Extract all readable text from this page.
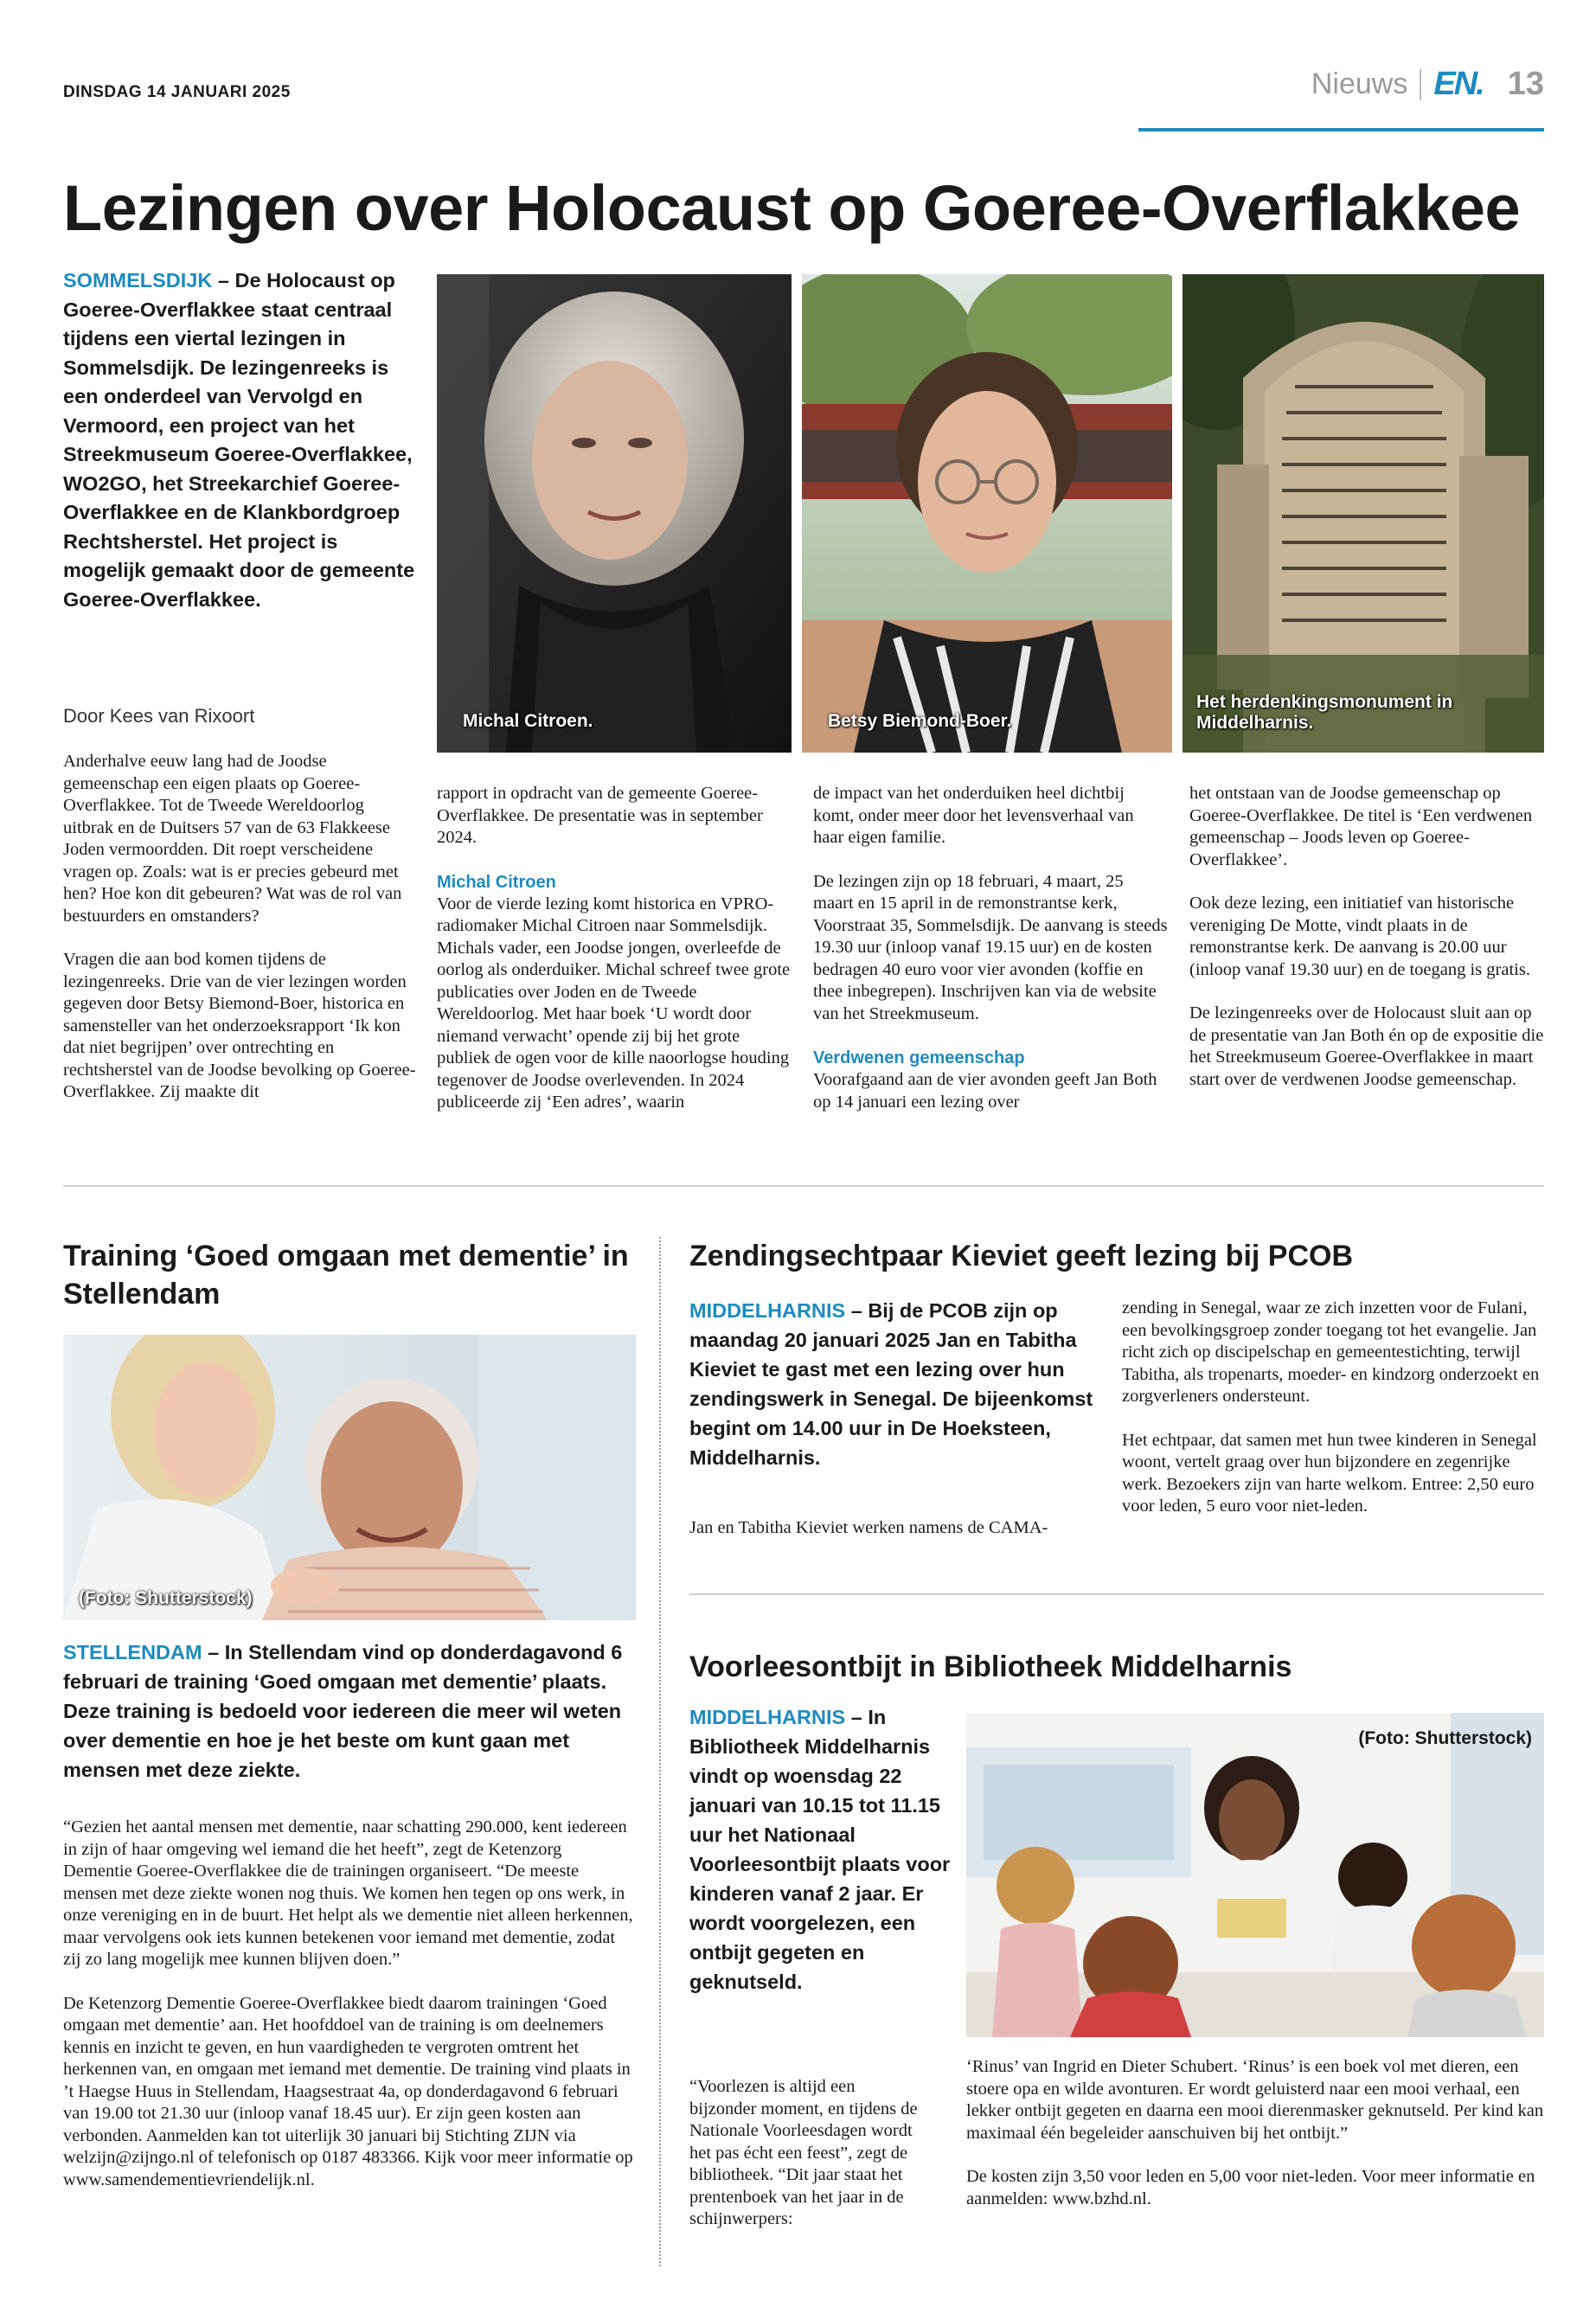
DINSDAG 14 JANUARI 2025	Nieuws EN. 13
Lezingen over Holocaust op Goeree-Overflakkee
SOMMELSDIJK – De Holocaust op Goeree-Overflakkee staat centraal tijdens een viertal lezingen in Sommelsdijk. De lezingenreeks is een onderdeel van Vervolgd en Vermoord, een project van het Streekmuseum Goeree-Overflakkee, WO2GO, het Streekarchief Goeree-Overflakkee en de Klankbordgroep Rechtsherstel. Het project is mogelijk gemaakt door de gemeente Goeree-Overflakkee.
Door Kees van Rixoort	Michal Citroen.	Betsy Biemond-Boer.
Het herdenkingsmonument in Middelharnis.

Anderhalve eeuw lang had de Joodse gemeenschap een eigen plaats op Goeree-Overflakkee. Tot de Tweede Wereldoorlog uitbrak en de Duitsers 57 van de 63 Flakkeese Joden vermoordden. Dit roept verscheidene vragen op. Zoals: wat is er precies gebeurd met hen? Hoe kon dit gebeuren? Wat was de rol van bestuurders en omstanders?

Vragen die aan bod komen tijdens de lezingenreeks. Drie van de vier lezingen worden gegeven door Betsy Biemond-Boer, historica en samensteller van het onderzoeksrapport ‘Ik kon dat niet begrijpen’ over ontrechting en rechtsherstel van de Joodse bevolking op Goeree-Overflakkee. Zij maakte dit

rapport in opdracht van de gemeente Goeree-Overflakkee. De presentatie was in september 2024.

Michal Citroen

Voor de vierde lezing komt historica en VPRO-radiomaker Michal Citroen naar Sommelsdijk. Michals vader, een Joodse jongen, overleefde de oorlog als onderduiker. Michal schreef twee grote publicaties over Joden en de Tweede Wereldoorlog. Met haar boek ‘U wordt door niemand verwacht’ opende zij bij het grote publiek de ogen voor de kille naoorlogse houding tegenover de Joodse overlevenden. In 2024 publiceerde zij ‘Een adres’, waarin

de impact van het onderduiken heel dichtbij komt, onder meer door het levensverhaal van haar eigen familie.

De lezingen zijn op 18 februari, 4 maart, 25 maart en 15 april in de remonstrantse kerk, Voorstraat 35, Sommelsdijk. De aanvang is steeds 19.30 uur (inloop vanaf 19.15 uur) en de kosten bedragen 40 euro voor vier avonden (koffie en thee inbegrepen). Inschrijven kan via de website van het Streekmuseum.

Verdwenen gemeenschap

Voorafgaand aan de vier avonden geeft Jan Both op 14 januari een lezing over

het ontstaan van de Joodse gemeenschap op Goeree-Overflakkee. De titel is ‘Een verdwenen gemeenschap – Joods leven op Goeree-Overflakkee’.

Ook deze lezing, een initiatief van historische vereniging De Motte, vindt plaats in de remonstrantse kerk. De aanvang is 20.00 uur (inloop vanaf 19.30 uur) en de toegang is gratis.

De lezingenreeks over de Holocaust sluit aan op de presentatie van Jan Both én op de expositie die het Streekmuseum Goeree-Overflakkee in maart start over de verdwenen Joodse gemeenschap.

Training ‘Goed omgaan met dementie’ in Stellendam
(Foto: Shutterstock)
STELLENDAM – In Stellendam vind op donderdagavond 6 februari de training ‘Goed omgaan met dementie’ plaats. Deze training is bedoeld voor iedereen die meer wil weten over dementie en hoe je het beste om kunt gaan met mensen met deze ziekte.

“Gezien het aantal mensen met dementie, naar schatting 290.000, kent iedereen in zijn of haar omgeving wel iemand die het heeft”, zegt de Ketenzorg Dementie Goeree-Overflakkee die de trainingen organiseert. “De meeste mensen met deze ziekte wonen nog thuis. We komen hen tegen op ons werk, in onze vereniging en in de buurt. Het helpt als we dementie niet alleen herkennen, maar vervolgens ook iets kunnen betekenen voor iemand met dementie, zodat zij zo lang mogelijk mee kunnen blijven doen.”

De Ketenzorg Dementie Goeree-Overflakkee biedt daarom trainingen ‘Goed omgaan met dementie’ aan. Het hoofddoel van de training is om deelnemers kennis en inzicht te geven, en hun vaardigheden te vergroten omtrent het herkennen van, en omgaan met iemand met dementie. De training vind plaats in ’t Haegse Huus in Stellendam, Haagsestraat 4a, op donderdagavond 6 februari van 19.00 tot 21.30 uur (inloop vanaf 18.45 uur). Er zijn geen kosten aan verbonden. Aanmelden kan tot uiterlijk 30 januari bij Stichting ZIJN via welzijn@zijngo.nl of telefonisch op 0187 483366. Kijk voor meer informatie op www.samendementievriendelijk.nl.

Zendingsechtpaar Kieviet geeft lezing bij PCOB
MIDDELHARNIS – Bij de PCOB zijn op maandag 20 januari 2025 Jan en Tabitha Kieviet te gast met een lezing over hun zendingswerk in Senegal. De bijeenkomst begint om 14.00 uur in De Hoeksteen, Middelharnis.

Jan en Tabitha Kieviet werken namens de CAMA-

zending in Senegal, waar ze zich inzetten voor de Fulani, een bevolkingsgroep zonder toegang tot het evangelie. Jan richt zich op discipelschap en gemeentestichting, terwijl Tabitha, als tropenarts, moeder- en kindzorg onderzoekt en zorgverleners ondersteunt.

Het echtpaar, dat samen met hun twee kinderen in Senegal woont, vertelt graag over hun bijzondere en zegenrijke werk. Bezoekers zijn van harte welkom. Entree: 2,50 euro voor leden, 5 euro voor niet-leden.

Voorleesontbijt in Bibliotheek Middelharnis
MIDDELHARNIS – In Bibliotheek Middelharnis vindt op woensdag 22 januari van 10.15 tot 11.15 uur het Nationaal Voorleesontbijt plaats voor kinderen vanaf 2 jaar. Er wordt voorgelezen, een ontbijt gegeten en geknutseld.

“Voorlezen is altijd een bijzonder moment, en tijdens de Nationale Voorleesdagen wordt het pas écht een feest”, zegt de bibliotheek. “Dit jaar staat het prentenboek van het jaar in de schijnwerpers:

(Foto: Shutterstock)

‘Rinus’ van Ingrid en Dieter Schubert. ‘Rinus’ is een boek vol met dieren, een stoere opa en wilde avonturen. Er wordt geluisterd naar een mooi verhaal, een lekker ontbijt gegeten en daarna een mooi dierenmasker geknutseld. Per kind kan maximaal één begeleider aanschuiven bij het ontbijt.”

De kosten zijn 3,50 voor leden en 5,00 voor niet-leden. Voor meer informatie en aanmelden: www.bzhd.nl.
